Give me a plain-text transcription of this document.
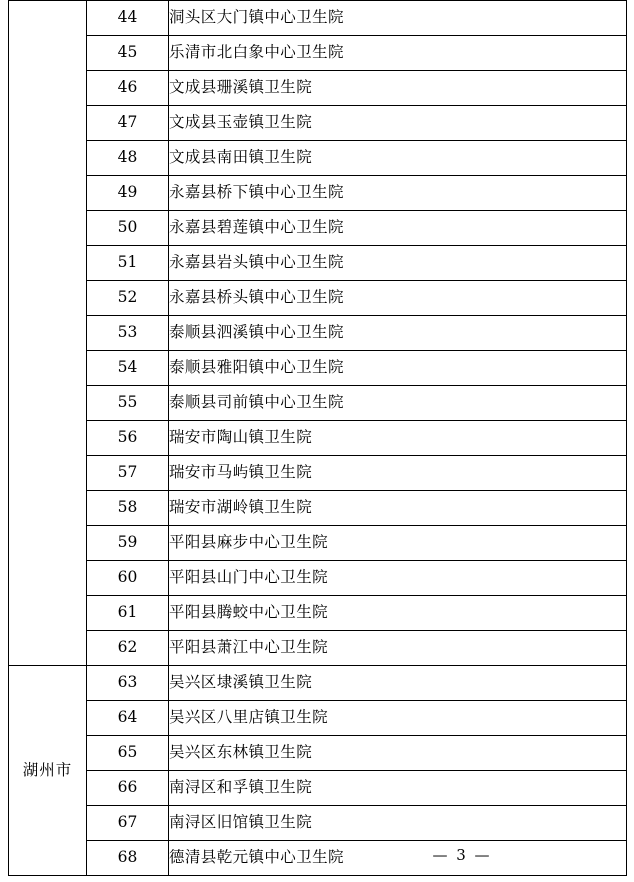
	44	洞头区大门镇中心卫生院
	45	乐清市北白象中心卫生院
	46	文成县珊溪镇卫生院
	47	文成县玉壶镇卫生院
	48	文成县南田镇卫生院
	49	永嘉县桥下镇中心卫生院
	50	永嘉县碧莲镇中心卫生院
	51	永嘉县岩头镇中心卫生院
	52	永嘉县桥头镇中心卫生院
	53	泰顺县泗溪镇中心卫生院
	54	泰顺县雅阳镇中心卫生院
	55	泰顺县司前镇中心卫生院
	56	瑞安市陶山镇卫生院
	57	瑞安市马屿镇卫生院
	58	瑞安市湖岭镇卫生院
	59	平阳县麻步中心卫生院
	60	平阳县山门中心卫生院
	61	平阳县腾蛟中心卫生院
	62	平阳县萧江中心卫生院
湖州市	63	吴兴区埭溪镇卫生院
	64	吴兴区八里店镇卫生院
	65	吴兴区东林镇卫生院
	66	南浔区和孚镇卫生院
	67	南浔区旧馆镇卫生院
	68	德清县乾元镇中心卫生院	— 3 —
